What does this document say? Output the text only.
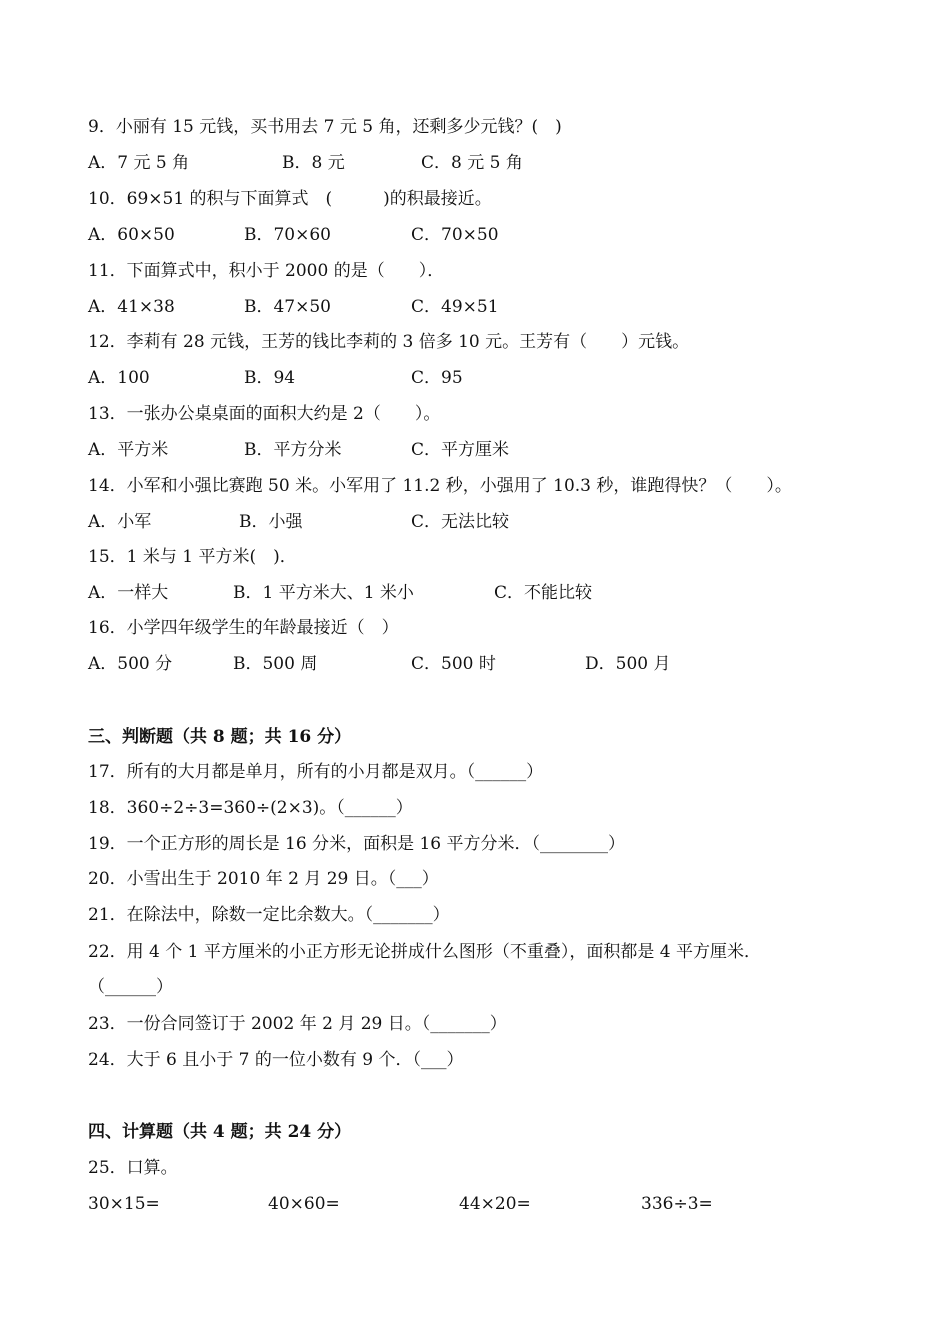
9．小丽有 15 元钱，买书用去 7 元 5 角，还剩多少元钱？(　)
A．7 元 5 角	B．8 元	C．8 元 5 角
10．69×51 的积与下面算式　(　　　)的积最接近。
A．60×50	B．70×60	C．70×50
11．下面算式中，积小于 2000 的是（　　）．
A．41×38	B．47×50	C．49×51
12．李莉有 28 元钱，王芳的钱比李莉的 3 倍多 10 元。王芳有（　　）元钱。
A．100	B．94	C．95
13．一张办公桌桌面的面积大约是 2（　　）。
A．平方米	B．平方分米	C．平方厘米
14．小军和小强比赛跑 50 米。小军用了 11.2 秒，小强用了 10.3 秒，谁跑得快？（　　）。
A．小军	B．小强	C．无法比较
15．1 米与 1 平方米(　)．
A．一样大	B．1 平方米大、1 米小	C．不能比较
16．小学四年级学生的年龄最接近（　）
A．500 分	B．500 周	C．500 时	D．500 月
三、判断题（共 8 题；共 16 分）
17．所有的大月都是单月，所有的小月都是双月。（______）
18．360÷2÷3=360÷(2×3)。（______）
19．一个正方形的周长是 16 分米，面积是 16 平方分米．（________）
20．小雪出生于 2010 年 2 月 29 日。（___）
21．在除法中，除数一定比余数大。（_______）
22．用 4 个 1 平方厘米的小正方形无论拼成什么图形（不重叠），面积都是 4 平方厘米．
（______）
23．一份合同签订于 2002 年 2 月 29 日。（_______）
24．大于 6 且小于 7 的一位小数有 9 个．（___）
四、计算题（共 4 题；共 24 分）
25．口算。
30×15=	40×60=	44×20=	336÷3=
